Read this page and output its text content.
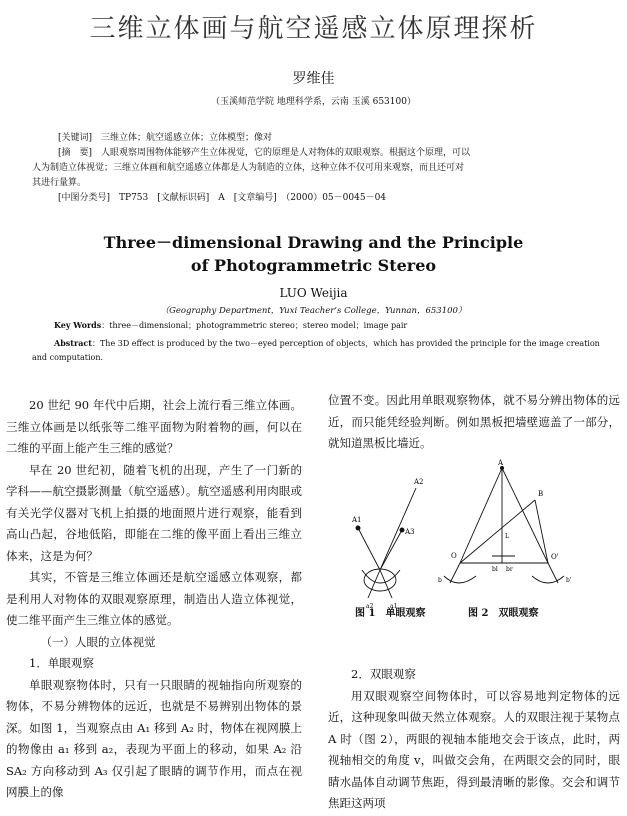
三维立体画与航空遥感立体原理探析
罗维佳
（玉溪师范学院 地理科学系，云南 玉溪 653100）

[关键词]　三维立体；航空遥感立体；立体模型；像对

[摘　要]　人眼观察周围物体能够产生立体视觉，它的原理是人对物体的双眼观察。根据这个原理，可以

人为制造立体视觉；三维立体画和航空遥感立体都是人为制造的立体，这种立体不仅可用来观察，而且还可对

其进行量算。

[中图分类号]　TP753　[文献标识码]　A　[文章编号]　（2000）05－0045－04

Three－dimensional Drawing and the Principle
of Photogrammetric Stereo
LUO Weijia
（Geography Department，Yuxi Teacher’s College，Yunnan，653100）
Key Words：three－dimensional；photogrammetric stereo；stereo model；image pair
Abstract：The 3D effect is produced by the two－eyed perception of objects，which has provided the principle for the image creation
and computation.

20 世纪 90 年代中后期，社会上流行看三维立体画。三维立体画是以纸张等二维平面物为附着物的画，何以在二维的平面上能产生三维的感觉？

早在 20 世纪初，随着飞机的出现，产生了一门新的学科——航空摄影测量（航空遥感）。航空遥感利用肉眼或有关光学仪器对飞机上拍摄的地面照片进行观察，能看到高山凸起，谷地低陷，即能在二维的像平面上看出三维立体来，这是为何？

其实，不管是三维立体画还是航空遥感立体观察，都是利用人对物体的双眼观察原理，制造出人造立体视觉，使二维平面产生三维立体的感觉。

（一）人眼的立体视觉

1．单眼观察

单眼观察物体时，只有一只眼睛的视轴指向所观察的物体，不易分辨物体的远近，也就是不易辨别出物体的景深。如图 1，当观察点由 A₁ 移到 A₂ 时，物体在视网膜上的物像由 a₁ 移到 a₂，表现为平面上的移动，如果 A₂ 沿 SA₂ 方向移动到 A₃ 仅引起了眼睛的调节作用，而点在视网膜上的像

位置不变。因此用单眼观察物体，就不易分辨出物体的远近，而只能凭经验判断。例如黑板把墙壁遮盖了一部分，就知道黑板比墙近。

A1
A2
A3
a2	a1
A
B
L
O	O'
b	b'
bl br
图 1　单眼观察	图 2　双眼观察

2．双眼观察

用双眼观察空间物体时，可以容易地判定物体的远近，这种现象叫做天然立体观察。人的双眼注视于某物点 A 时（图 2），两眼的视轴本能地交会于该点，此时，两视轴相交的角度 v，叫做交会角，在两眼交会的同时，眼睛水晶体自动调节焦距，得到最清晰的影像。交会和调节焦距这两项
